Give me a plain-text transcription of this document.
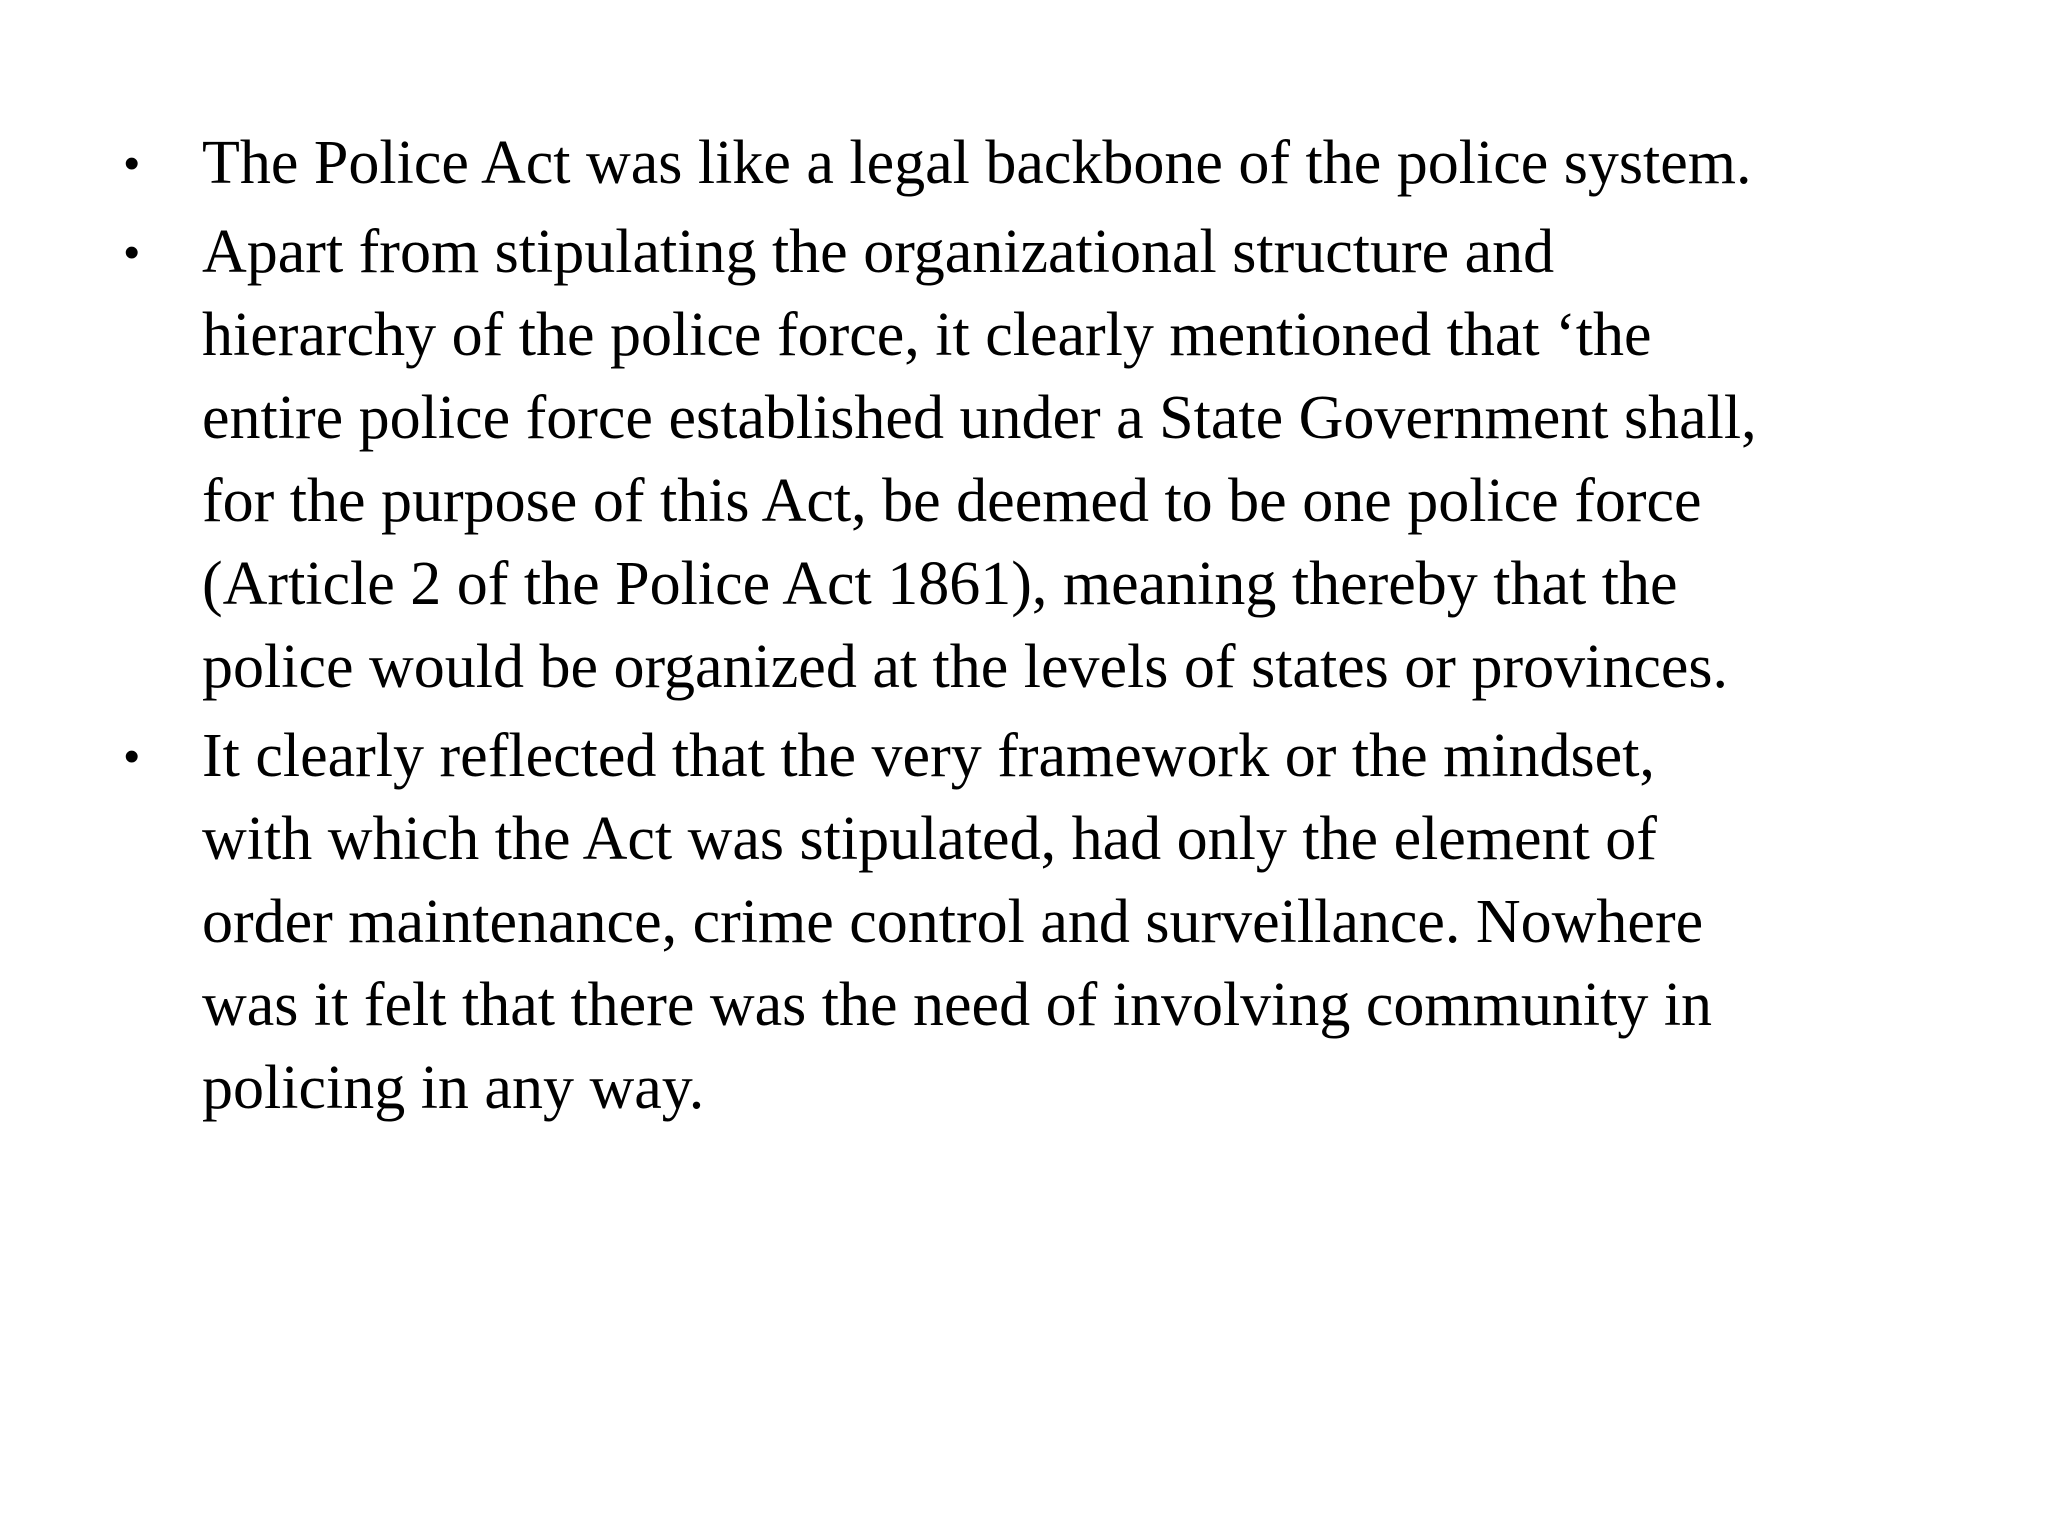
• The Police Act was like a legal backbone of the police system.
• Apart from stipulating the organizational structure and
hierarchy of the police force, it clearly mentioned that ‘the
entire police force established under a State Government shall,
for the purpose of this Act, be deemed to be one police force
(Article 2 of the Police Act 1861), meaning thereby that the
police would be organized at the levels of states or provinces.
• It clearly reflected that the very framework or the mindset,
with which the Act was stipulated, had only the element of
order maintenance, crime control and surveillance. Nowhere
was it felt that there was the need of involving community in
policing in any way.
